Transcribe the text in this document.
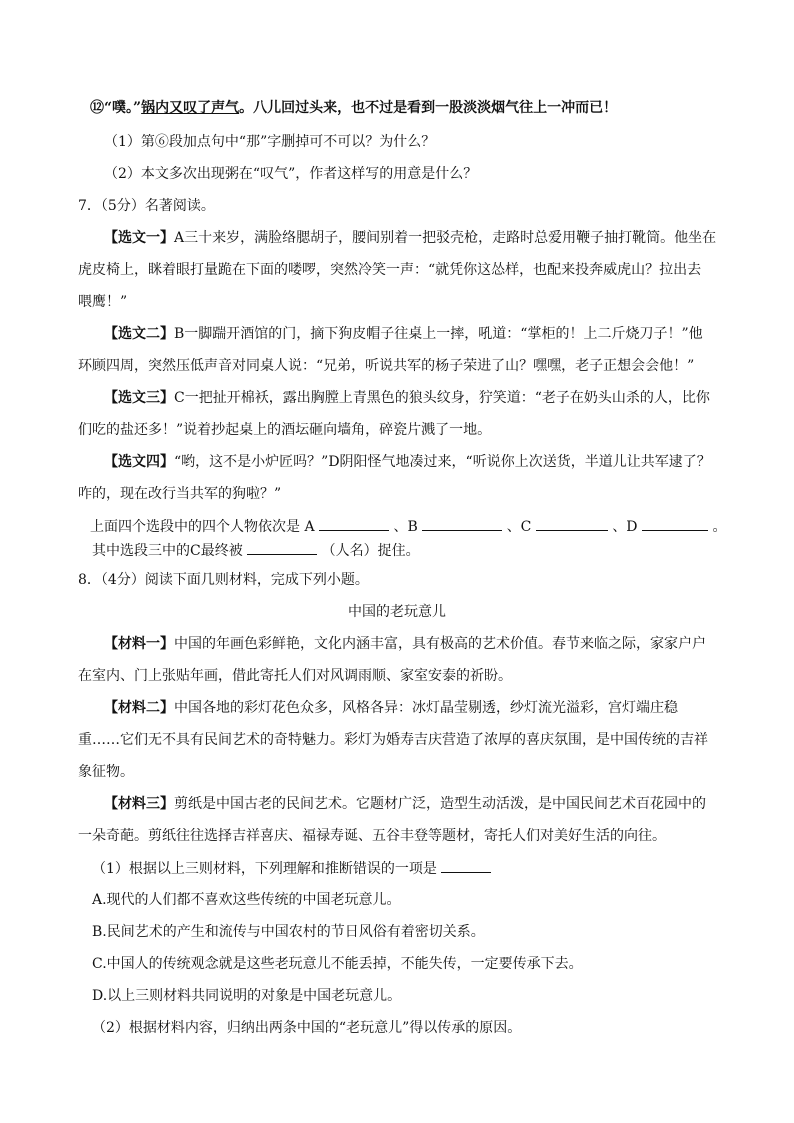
⑫“噗。”锅内又叹了声气。八儿回过头来，也不过是看到一股淡淡烟气往上一冲而已！
（1）第⑥段加点句中“那”字删掉可不可以？为什么？
（2）本文多次出现粥在“叹气”，作者这样写的用意是什么？
7．（5分）名著阅读。
【选文一】A三十来岁，满脸络腮胡子，腰间别着一把驳壳枪，走路时总爱用鞭子抽打靴筒。他坐在
虎皮椅上，眯着眼打量跪在下面的喽啰，突然冷笑一声：“就凭你这怂样，也配来投奔威虎山？拉出去
喂鹰！”
【选文二】B一脚踹开酒馆的门，摘下狗皮帽子往桌上一摔，吼道：“掌柜的！上二斤烧刀子！”他
环顾四周，突然压低声音对同桌人说：“兄弟，听说共军的杨子荣进了山？嘿嘿，老子正想会会他！”
【选文三】C一把扯开棉袄，露出胸膛上青黑色的狼头纹身，狞笑道：“老子在奶头山杀的人，比你
们吃的盐还多！”说着抄起桌上的酒坛砸向墙角，碎瓷片溅了一地。
【选文四】“哟，这不是小炉匠吗？”D阴阳怪气地凑过来，“听说你上次送货，半道儿让共军逮了？
咋的，现在改行当共军的狗啦？”
上面四个选段中的四个人物依次是 A	、B	、C	、D	。
其中选段三中的C最终被	（人名）捉住。
8．（4分）阅读下面几则材料，完成下列小题。
中国的老玩意儿
【材料一】中国的年画色彩鲜艳，文化内涵丰富，具有极高的艺术价值。春节来临之际，家家户户
在室内、门上张贴年画，借此寄托人们对风调雨顺、家室安泰的祈盼。
【材料二】中国各地的彩灯花色众多，风格各异：冰灯晶莹剔透，纱灯流光溢彩，宫灯端庄稳
重……它们无不具有民间艺术的奇特魅力。彩灯为婚寿吉庆营造了浓厚的喜庆氛围，是中国传统的吉祥
象征物。
【材料三】剪纸是中国古老的民间艺术。它题材广泛，造型生动活泼，是中国民间艺术百花园中的
一朵奇葩。剪纸往往选择吉祥喜庆、福禄寿诞、五谷丰登等题材，寄托人们对美好生活的向往。
（1）根据以上三则材料，下列理解和推断错误的一项是
A.现代的人们都不喜欢这些传统的中国老玩意儿。
B.民间艺术的产生和流传与中国农村的节日风俗有着密切关系。
C.中国人的传统观念就是这些老玩意儿不能丢掉，不能失传，一定要传承下去。
D.以上三则材料共同说明的对象是中国老玩意儿。
（2）根据材料内容，归纳出两条中国的“老玩意儿”得以传承的原因。
